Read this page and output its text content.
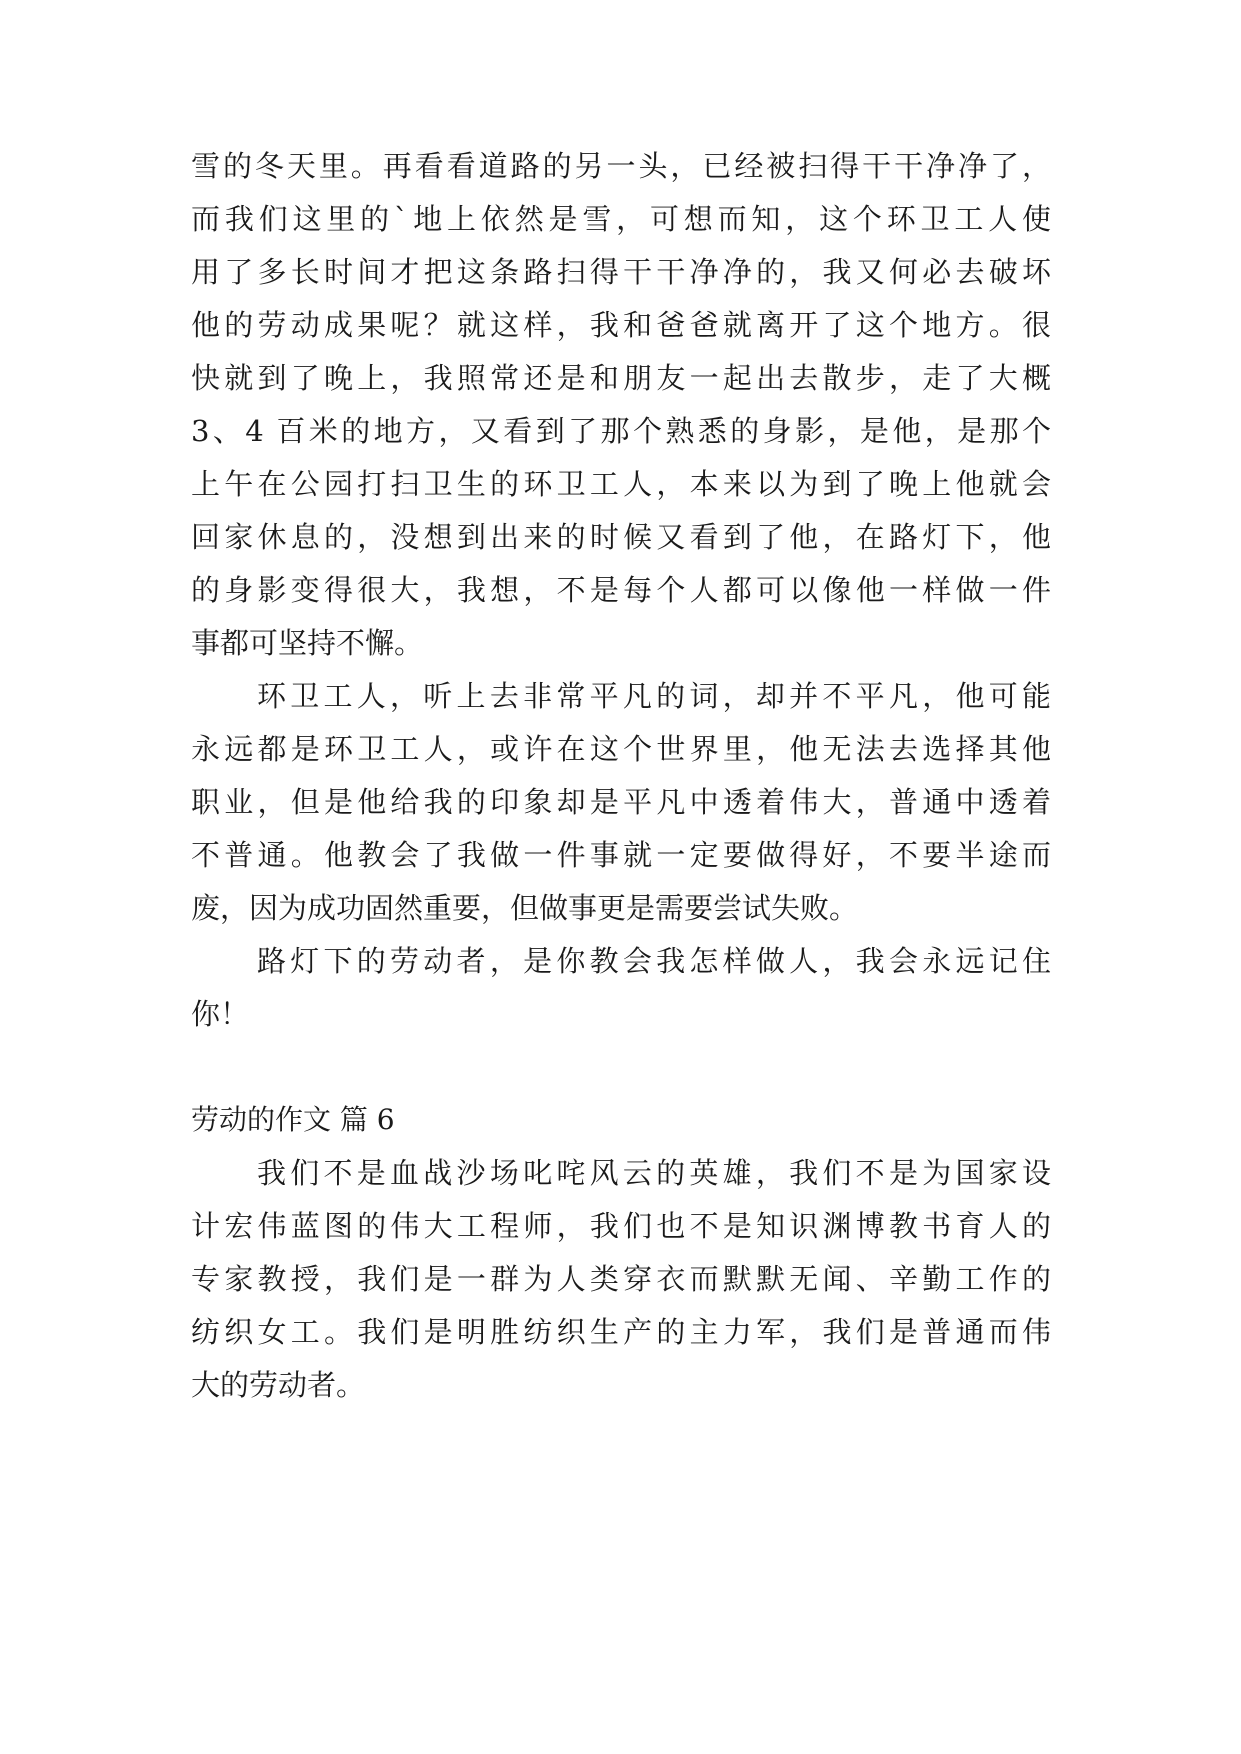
雪的冬天里。再看看道路的另一头，已经被扫得干干净净了，
而我们这里的`地上依然是雪，可想而知，这个环卫工人使
用了多长时间才把这条路扫得干干净净的，我又何必去破坏
他的劳动成果呢？就这样，我和爸爸就离开了这个地方。很
快就到了晚上，我照常还是和朋友一起出去散步，走了大概
3、4 百米的地方，又看到了那个熟悉的身影，是他，是那个
上午在公园打扫卫生的环卫工人，本来以为到了晚上他就会
回家休息的，没想到出来的时候又看到了他，在路灯下，他
的身影变得很大，我想，不是每个人都可以像他一样做一件
事都可坚持不懈。
环卫工人，听上去非常平凡的词，却并不平凡，他可能
永远都是环卫工人，或许在这个世界里，他无法去选择其他
职业，但是他给我的印象却是平凡中透着伟大，普通中透着
不普通。他教会了我做一件事就一定要做得好，不要半途而
废，因为成功固然重要，但做事更是需要尝试失败。
路灯下的劳动者，是你教会我怎样做人，我会永远记住
你！
劳动的作文 篇 6
我们不是血战沙场叱咤风云的英雄，我们不是为国家设
计宏伟蓝图的伟大工程师，我们也不是知识渊博教书育人的
专家教授，我们是一群为人类穿衣而默默无闻、辛勤工作的
纺织女工。我们是明胜纺织生产的主力军，我们是普通而伟
大的劳动者。
